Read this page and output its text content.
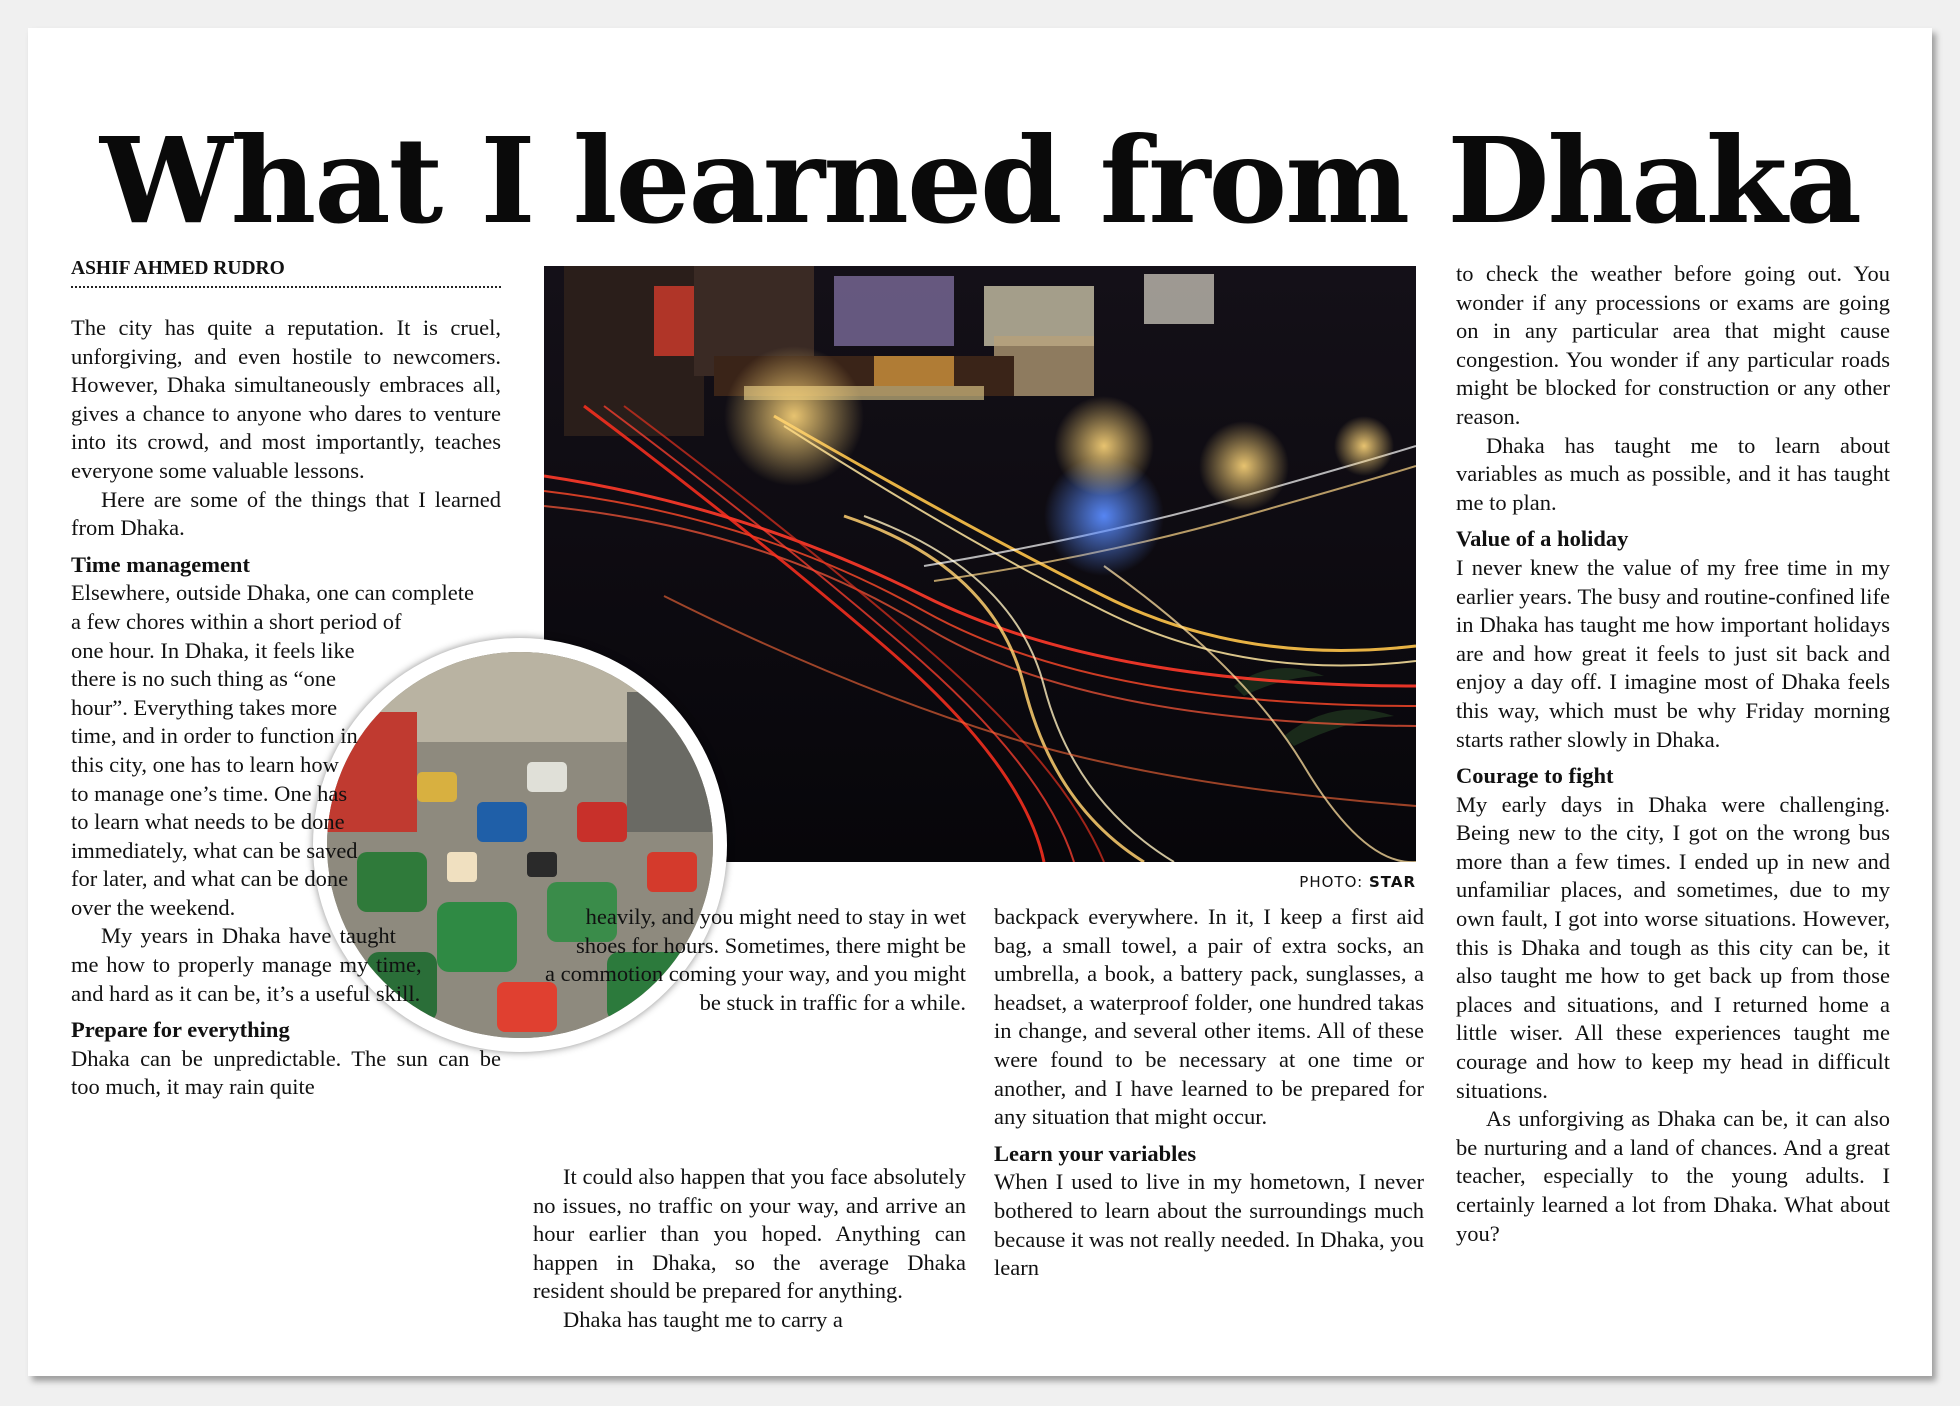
What I learned from Dhaka
ASHIF AHMED RUDRO
PHOTO: STAR

The city has quite a reputation. It is cruel, unforgiving, and even hostile to newcomers. However, Dhaka simultaneously embraces all, gives a chance to anyone who dares to venture into its crowd, and most importantly, teaches everyone some valuable lessons.

Here are some of the things that I learned from Dhaka.

Time management

Elsewhere, outside Dhaka, one can complete a few chores within a short period of one hour. In Dhaka, it feels like there is no such thing as “one hour”. Everything takes more time, and in order to function in this city, one has to learn how to manage one’s time. One has to learn what needs to be done immediately, what can be saved for later, and what can be done over the weekend.

My years in Dhaka have taught me how to properly manage my time, and hard as it can be, it’s a useful skill.

Prepare for everything

Dhaka can be unpredictable. The sun can be too much, it may rain quite

heavily, and you might need to stay in wet shoes for hours. Sometimes, there might be a commotion coming your way, and you might be stuck in traffic for a while.

It could also happen that you face absolutely no issues, no traffic on your way, and arrive an hour earlier than you hoped. Anything can happen in Dhaka, so the average Dhaka resident should be prepared for anything.

Dhaka has taught me to carry a

backpack everywhere. In it, I keep a first aid bag, a small towel, a pair of extra socks, an umbrella, a book, a battery pack, sunglasses, a headset, a waterproof folder, one hundred takas in change, and several other items. All of these were found to be necessary at one time or another, and I have learned to be prepared for any situation that might occur.

Learn your variables

When I used to live in my hometown, I never bothered to learn about the surroundings much because it was not really needed. In Dhaka, you learn

to check the weather before going out. You wonder if any processions or exams are going on in any particular area that might cause congestion. You wonder if any particular roads might be blocked for construction or any other reason.

Dhaka has taught me to learn about variables as much as possible, and it has taught me to plan.

Value of a holiday

I never knew the value of my free time in my earlier years. The busy and routine-confined life in Dhaka has taught me how important holidays are and how great it feels to just sit back and enjoy a day off. I imagine most of Dhaka feels this way, which must be why Friday morning starts rather slowly in Dhaka.

Courage to fight

My early days in Dhaka were challenging. Being new to the city, I got on the wrong bus more than a few times. I ended up in new and unfamiliar places, and sometimes, due to my own fault, I got into worse situations. However, this is Dhaka and tough as this city can be, it also taught me how to get back up from those places and situations, and I returned home a little wiser. All these experiences taught me courage and how to keep my head in difficult situations.

As unforgiving as Dhaka can be, it can also be nurturing and a land of chances. And a great teacher, especially to the young adults. I certainly learned a lot from Dhaka. What about you?
